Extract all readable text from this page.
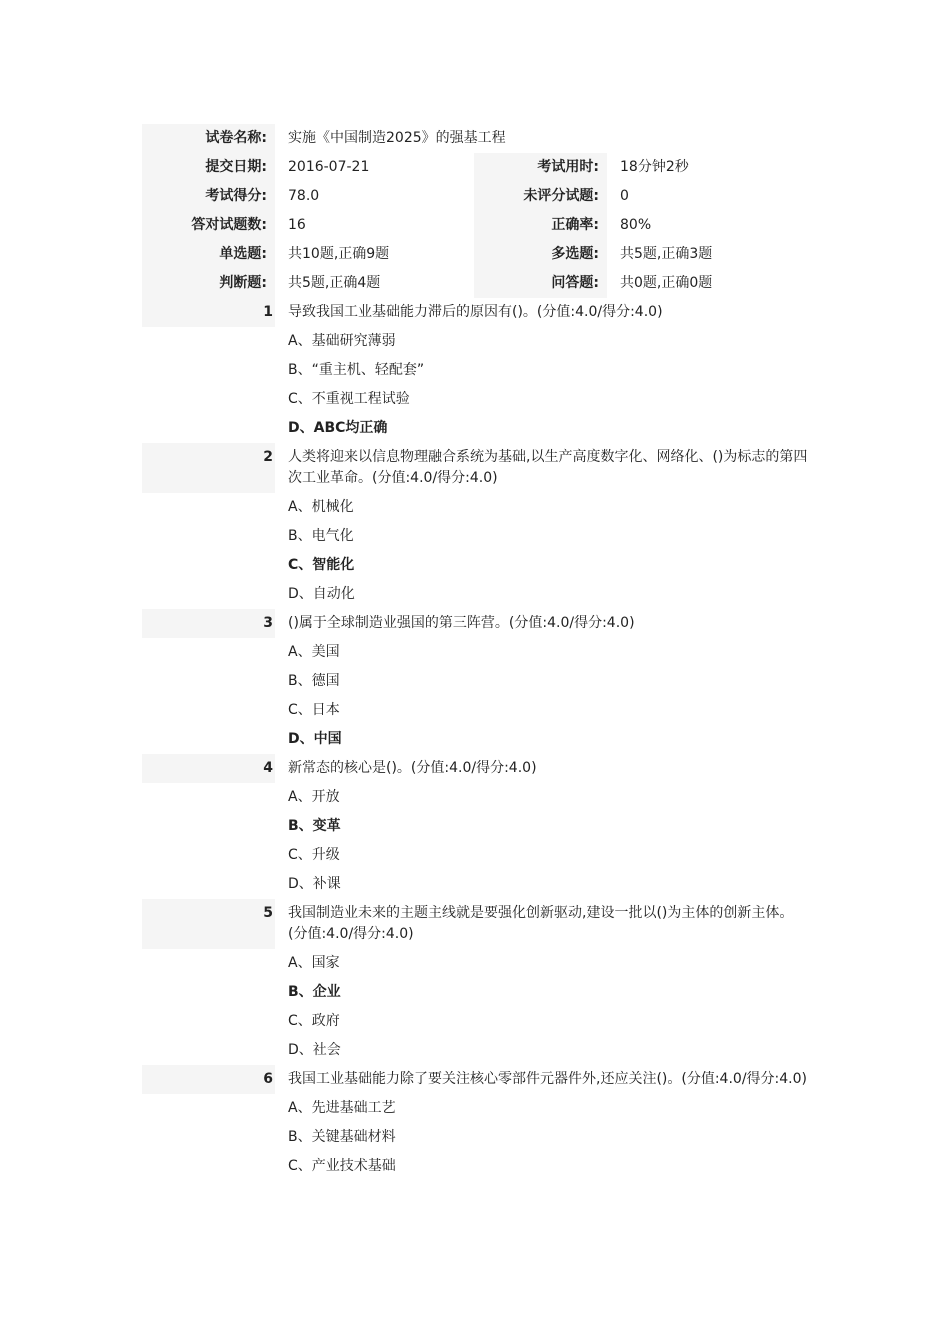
试卷名称:	实施《中国制造2025》的强基工程
提交日期:	2016-07-21	考试用时:	18分钟2秒
考试得分:	78.0	未评分试题:	0
答对试题数:	16	正确率:	80%
单选题:	共10题,正确9题	多选题:	共5题,正确3题
判断题:	共5题,正确4题	问答题:	共0题,正确0题
1	导致我国工业基础能力滞后的原因有()。(分值:4.0/得分:4.0)
A、基础研究薄弱
B、“重主机、轻配套”
C、不重视工程试验
D、ABC均正确
2	人类将迎来以信息物理融合系统为基础,以生产高度数字化、网络化、()为标志的第四次工业革命。(分值:4.0/得分:4.0)
A、机械化
B、电气化
C、智能化
D、自动化
3	()属于全球制造业强国的第三阵营。(分值:4.0/得分:4.0)
A、美国
B、德国
C、日本
D、中国
4	新常态的核心是()。(分值:4.0/得分:4.0)
A、开放
B、变革
C、升级
D、补课
5	我国制造业未来的主题主线就是要强化创新驱动,建设一批以()为主体的创新主体。(分值:4.0/得分:4.0)
A、国家
B、企业
C、政府
D、社会
6	我国工业基础能力除了要关注核心零部件元器件外,还应关注()。(分值:4.0/得分:4.0)
A、先进基础工艺
B、关键基础材料
C、产业技术基础
